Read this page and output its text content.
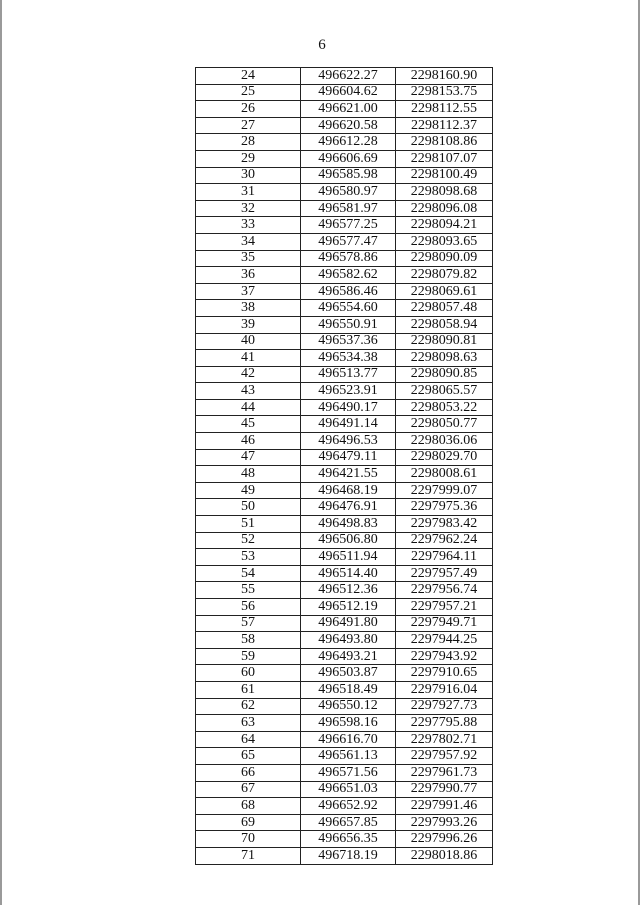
6
24	496622.27	2298160.90
25	496604.62	2298153.75
26	496621.00	2298112.55
27	496620.58	2298112.37
28	496612.28	2298108.86
29	496606.69	2298107.07
30	496585.98	2298100.49
31	496580.97	2298098.68
32	496581.97	2298096.08
33	496577.25	2298094.21
34	496577.47	2298093.65
35	496578.86	2298090.09
36	496582.62	2298079.82
37	496586.46	2298069.61
38	496554.60	2298057.48
39	496550.91	2298058.94
40	496537.36	2298090.81
41	496534.38	2298098.63
42	496513.77	2298090.85
43	496523.91	2298065.57
44	496490.17	2298053.22
45	496491.14	2298050.77
46	496496.53	2298036.06
47	496479.11	2298029.70
48	496421.55	2298008.61
49	496468.19	2297999.07
50	496476.91	2297975.36
51	496498.83	2297983.42
52	496506.80	2297962.24
53	496511.94	2297964.11
54	496514.40	2297957.49
55	496512.36	2297956.74
56	496512.19	2297957.21
57	496491.80	2297949.71
58	496493.80	2297944.25
59	496493.21	2297943.92
60	496503.87	2297910.65
61	496518.49	2297916.04
62	496550.12	2297927.73
63	496598.16	2297795.88
64	496616.70	2297802.71
65	496561.13	2297957.92
66	496571.56	2297961.73
67	496651.03	2297990.77
68	496652.92	2297991.46
69	496657.85	2297993.26
70	496656.35	2297996.26
71	496718.19	2298018.86
